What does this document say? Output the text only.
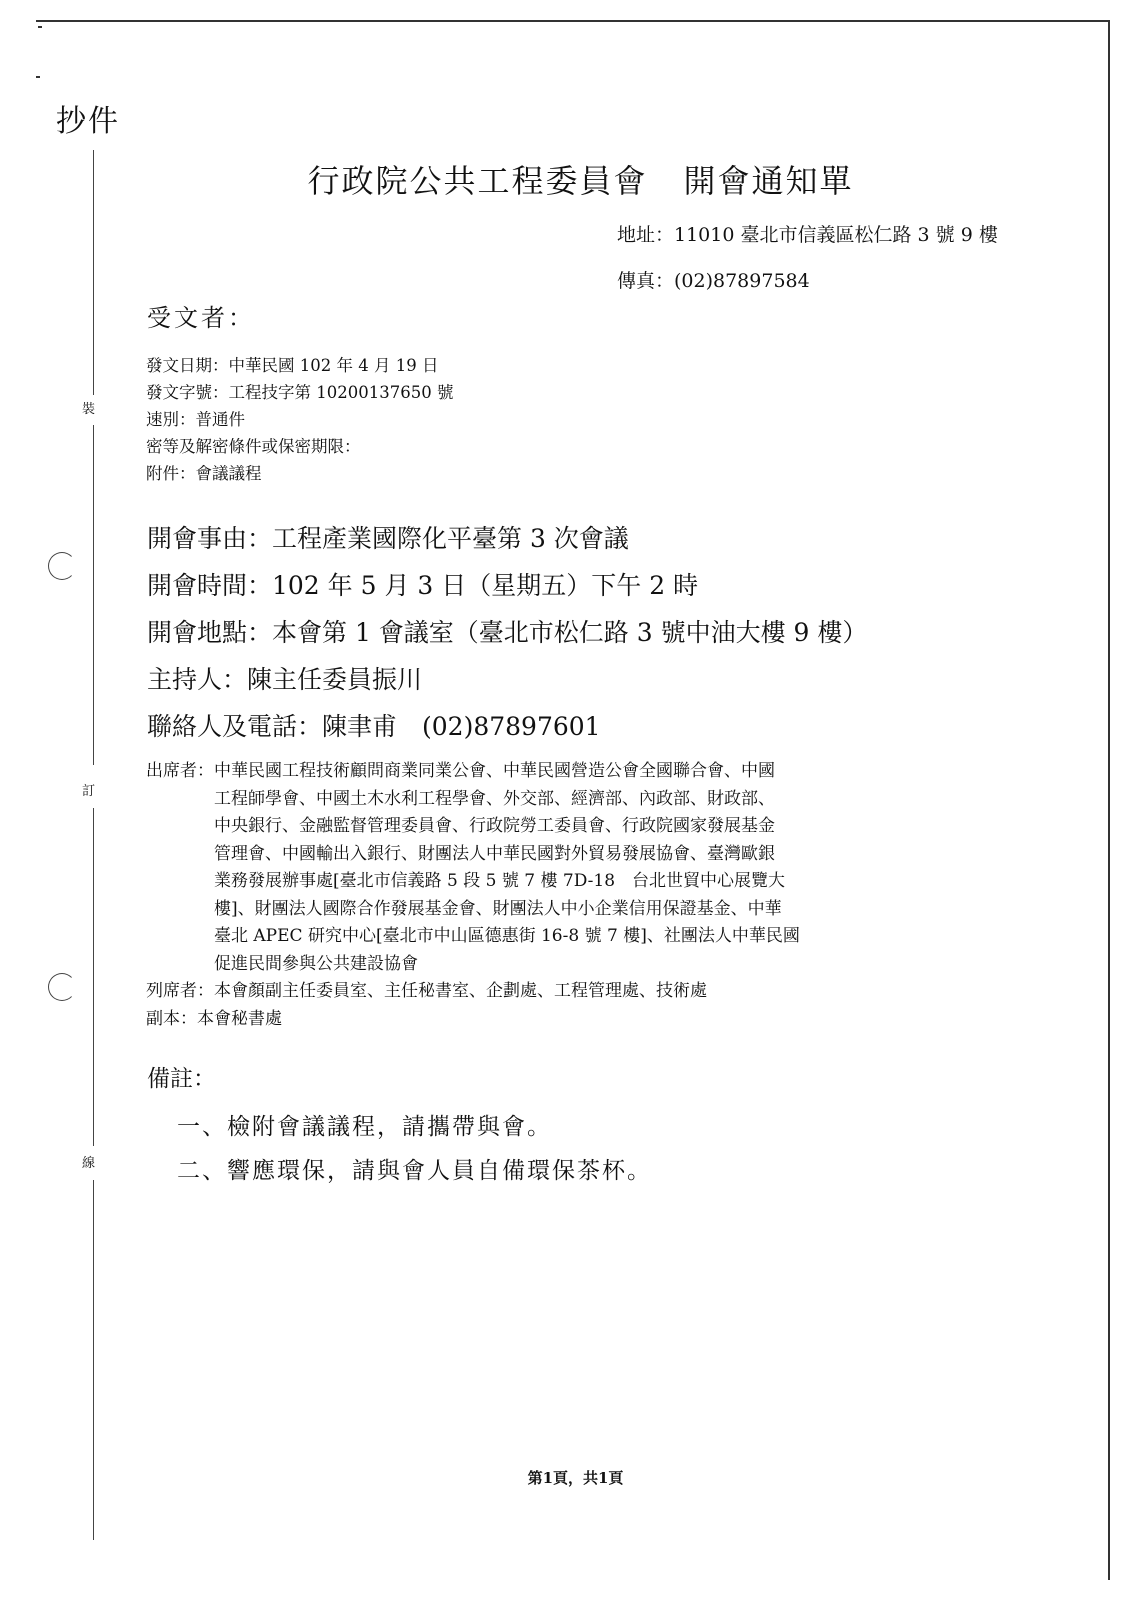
裝
訂
線
抄件
行政院公共工程委員會 開會通知單
地址：11010 臺北市信義區松仁路 3 號 9 樓
傳真：(02)87897584
受文者：
發文日期：中華民國 102 年 4 月 19 日
發文字號：工程技字第 10200137650 號
速別：普通件
密等及解密條件或保密期限：
附件：會議議程
開會事由：工程產業國際化平臺第 3 次會議
開會時間：102 年 5 月 3 日（星期五）下午 2 時
開會地點：本會第 1 會議室（臺北市松仁路 3 號中油大樓 9 樓）
主持人：陳主任委員振川
聯絡人及電話：陳聿甫　(02)87897601
出席者： 中華民國工程技術顧問商業同業公會、中華民國營造公會全國聯合會、中國
工程師學會、中國土木水利工程學會、外交部、經濟部、內政部、財政部、
中央銀行、金融監督管理委員會、行政院勞工委員會、行政院國家發展基金
管理會、中國輸出入銀行、財團法人中華民國對外貿易發展協會、臺灣歐銀
業務發展辦事處[臺北市信義路 5 段 5 號 7 樓 7D-18　台北世貿中心展覽大
樓]、財團法人國際合作發展基金會、財團法人中小企業信用保證基金、中華
臺北 APEC 研究中心[臺北市中山區德惠街 16-8 號 7 樓]、社團法人中華民國
促進民間參與公共建設協會
列席者：本會顏副主任委員室、主任秘書室、企劃處、工程管理處、技術處
副本：本會秘書處
備註：
一、檢附會議議程，請攜帶與會。
二、響應環保，請與會人員自備環保茶杯。
第1頁，共1頁
